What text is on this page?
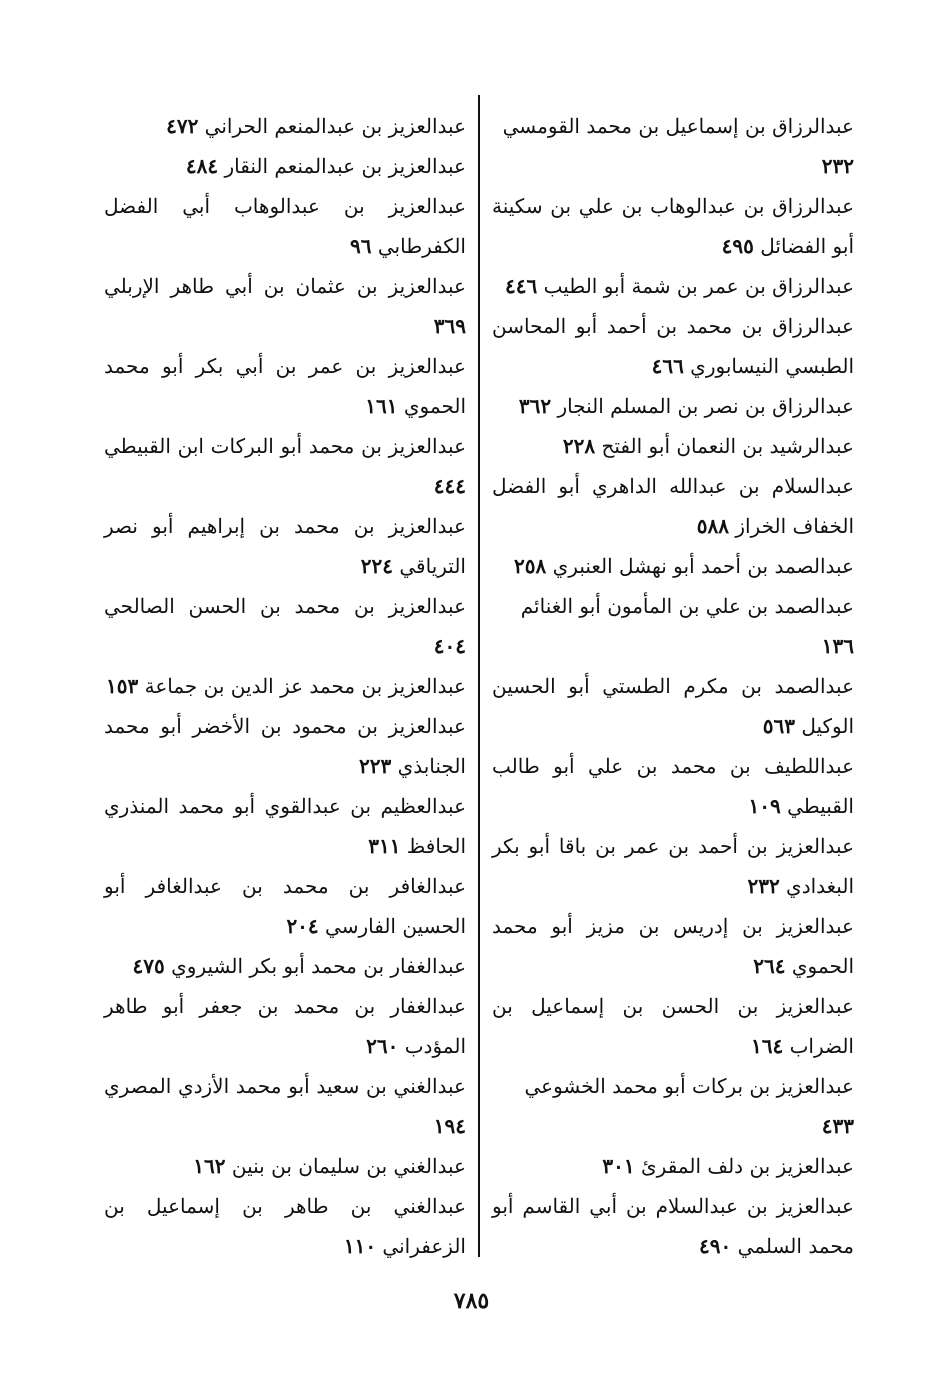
عبدالرزاق بن إسماعيل بن محمد القومسي ٢٣٢

عبدالرزاق بن عبدالوهاب بن علي بن سكينة أبو الفضائل ٤٩٥

عبدالرزاق بن عمر بن شمة أبو الطيب ٤٤٦

عبدالرزاق بن محمد بن أحمد أبو المحاسن الطبسي النيسابوري ٤٦٦

عبدالرزاق بن نصر بن المسلم النجار ٣٦٢

عبدالرشيد بن النعمان أبو الفتح ٢٢٨

عبدالسلام بن عبدالله الداهري أبو الفضل الخفاف الخراز ٥٨٨

عبدالصمد بن أحمد أبو نهشل العنبري ٢٥٨

عبدالصمد بن علي بن المأمون أبو الغنائم ١٣٦

عبدالصمد بن مكرم الطستي أبو الحسين الوكيل ٥٦٣

عبداللطيف بن محمد بن علي أبو طالب القبيطي ١٠٩

عبدالعزيز بن أحمد بن عمر بن باقا أبو بكر البغدادي ٢٣٢

عبدالعزيز بن إدريس بن مزيز أبو محمد الحموي ٢٦٤

عبدالعزيز بن الحسن بن إسماعيل بن الضراب ١٦٤

عبدالعزيز بن بركات أبو محمد الخشوعي ٤٣٣

عبدالعزيز بن دلف المقرئ ٣٠١

عبدالعزيز بن عبدالسلام بن أبي القاسم أبو محمد السلمي ٤٩٠

عبدالعزيز بن عبدالمنعم الحراني ٤٧٢

عبدالعزيز بن عبدالمنعم النقار ٤٨٤

عبدالعزيز بن عبدالوهاب أبي الفضل الكفرطابي ٩٦

عبدالعزيز بن عثمان بن أبي طاهر الإربلي ٣٦٩

عبدالعزيز بن عمر بن أبي بكر أبو محمد الحموي ١٦١

عبدالعزيز بن محمد أبو البركات ابن القبيطي ٤٤٤

عبدالعزيز بن محمد بن إبراهيم أبو نصر الترياقي ٢٢٤

عبدالعزيز بن محمد بن الحسن الصالحي ٤٠٤

عبدالعزيز بن محمد عز الدين بن جماعة ١٥٣

عبدالعزيز بن محمود بن الأخضر أبو محمد الجنابذي ٢٢٣

عبدالعظيم بن عبدالقوي أبو محمد المنذري الحافظ ٣١١

عبدالغافر بن محمد بن عبدالغافر أبو الحسين الفارسي ٢٠٤

عبدالغفار بن محمد أبو بكر الشيروي ٤٧٥

عبدالغفار بن محمد بن جعفر أبو طاهر المؤدب ٢٦٠

عبدالغني بن سعيد أبو محمد الأزدي المصري ١٩٤

عبدالغني بن سليمان بن بنين ١٦٢

عبدالغني بن طاهر بن إسماعيل بن الزعفراني ١١٠

٧٨٥
